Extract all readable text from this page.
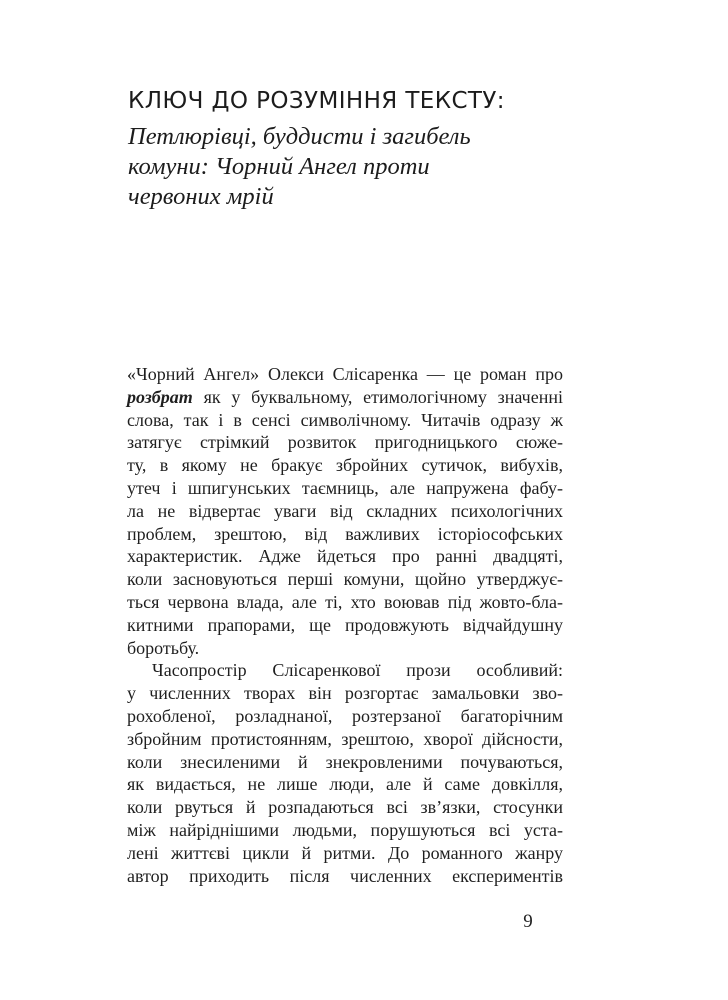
КЛЮЧ ДО РОЗУМІННЯ ТЕКСТУ:
Петлюрівці, буддисти і загибель
комуни: Чорний Ангел проти
червоних мрій
«Чорний Ангел» Олекси Слісаренка — це роман про
розбрат як у буквальному, етимологічному значенні
слова, так і в сенсі символічному. Читачів одразу ж
затягує стрімкий розвиток пригодницького сюже-
ту, в якому не бракує збройних сутичок, вибухів,
утеч і шпигунських таємниць, але напружена фабу-
ла не відвертає уваги від складних психологічних
проблем, зрештою, від важливих історіософських
характеристик. Адже йдеться про ранні двадцяті,
коли засновуються перші комуни, щойно утверджує-
ться червона влада, але ті, хто воював під жовто-бла-
китними прапорами, ще продовжують відчайдушну
боротьбу.
Часопростір Слісаренкової прози особливий:
у численних творах він розгортає замальовки зво-
рохобленої, розладнаної, розтерзаної багаторічним
збройним протистоянням, зрештою, хворої дійсности,
коли знесиленими й знекровленими почуваються,
як видається, не лише люди, але й саме довкілля,
коли рвуться й розпадаються всі зв’язки, стосунки
між найріднішими людьми, порушуються всі уста-
лені життєві цикли й ритми. До романного жанру
автор приходить після численних експериментів
9
